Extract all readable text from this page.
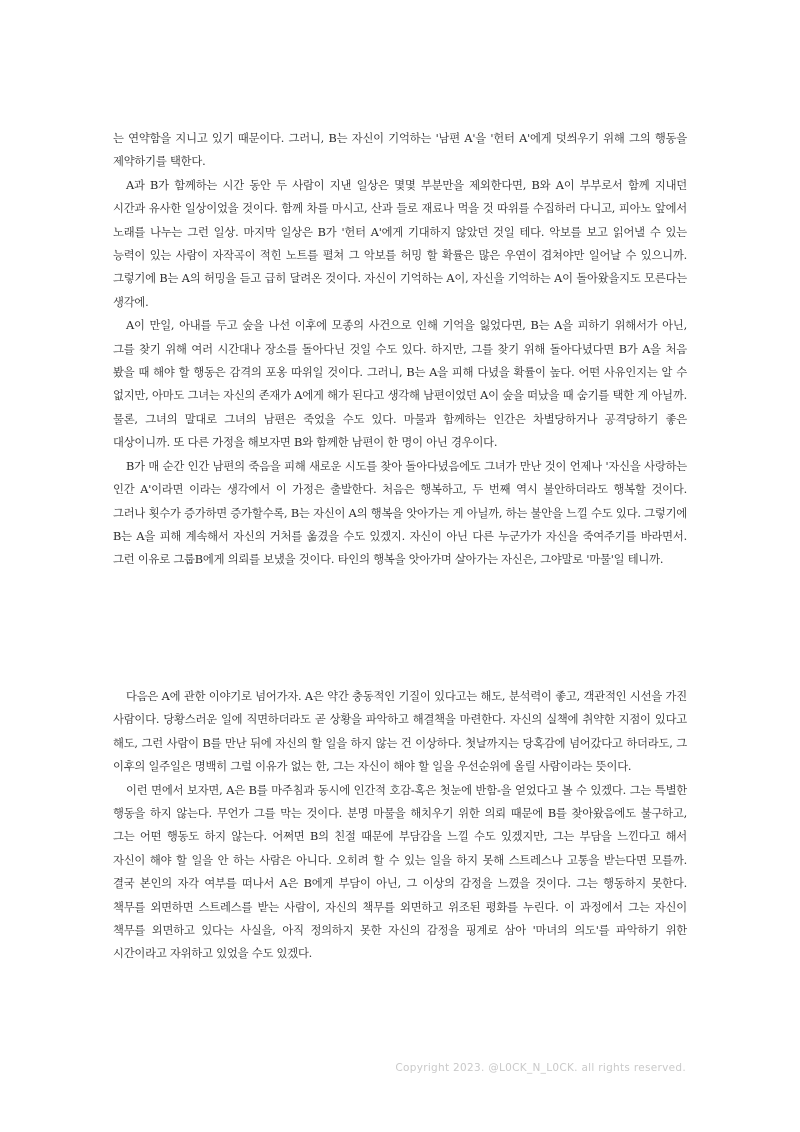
는 연약함을 지니고 있기 때문이다. 그러니, B는 자신이 기억하는 '남편 A'을 '헌터 A'에게 덧씌우기 위해 그의 행동을 제약하기를 택한다.

A과 B가 함께하는 시간 동안 두 사람이 지낸 일상은 몇몇 부분만을 제외한다면, B와 A이 부부로서 함께 지내던 시간과 유사한 일상이었을 것이다. 함께 차를 마시고, 산과 들로 재료나 먹을 것 따위를 수집하러 다니고, 피아노 앞에서 노래를 나누는 그런 일상. 마지막 일상은 B가 '헌터 A'에게 기대하지 않았던 것일 테다. 악보를 보고 읽어낼 수 있는 능력이 있는 사람이 자작곡이 적힌 노트를 펼쳐 그 악보를 허밍 할 확률은 많은 우연이 겹쳐야만 일어날 수 있으니까. 그렇기에 B는 A의 허밍을 듣고 급히 달려온 것이다. 자신이 기억하는 A이, 자신을 기억하는 A이 돌아왔을지도 모른다는 생각에.

A이 만일, 아내를 두고 숲을 나선 이후에 모종의 사건으로 인해 기억을 잃었다면, B는 A을 피하기 위해서가 아닌, 그를 찾기 위해 여러 시간대나 장소를 돌아다닌 것일 수도 있다. 하지만, 그를 찾기 위해 돌아다녔다면 B가 A을 처음 봤을 때 해야 할 행동은 감격의 포옹 따위일 것이다. 그러니, B는 A을 피해 다녔을 확률이 높다. 어떤 사유인지는 알 수 없지만, 아마도 그녀는 자신의 존재가 A에게 해가 된다고 생각해 남편이었던 A이 숲을 떠났을 때 숨기를 택한 게 아닐까. 물론, 그녀의 말대로 그녀의 남편은 죽었을 수도 있다. 마물과 함께하는 인간은 차별당하거나 공격당하기 좋은 대상이니까. 또 다른 가정을 해보자면 B와 함께한 남편이 한 명이 아닌 경우이다.

B가 매 순간 인간 남편의 죽음을 피해 새로운 시도를 찾아 돌아다녔음에도 그녀가 만난 것이 언제나 '자신을 사랑하는 인간 A'이라면 이라는 생각에서 이 가정은 출발한다. 처음은 행복하고, 두 번째 역시 불안하더라도 행복할 것이다. 그러나 횟수가 증가하면 증가할수록, B는 자신이 A의 행복을 앗아가는 게 아닐까, 하는 불안을 느낄 수도 있다. 그렇기에 B는 A을 피해 계속해서 자신의 거처를 옮겼을 수도 있겠지. 자신이 아닌 다른 누군가가 자신을 죽여주기를 바라면서. 그런 이유로 그룹B에게 의뢰를 보냈을 것이다. 타인의 행복을 앗아가며 살아가는 자신은, 그야말로 '마물'일 테니까.

다음은 A에 관한 이야기로 넘어가자. A은 약간 충동적인 기질이 있다고는 해도, 분석력이 좋고, 객관적인 시선을 가진 사람이다. 당황스러운 일에 직면하더라도 곧 상황을 파악하고 해결책을 마련한다. 자신의 실책에 취약한 지점이 있다고 해도, 그런 사람이 B를 만난 뒤에 자신의 할 일을 하지 않는 건 이상하다. 첫날까지는 당혹감에 넘어갔다고 하더라도, 그 이후의 일주일은 명백히 그럴 이유가 없는 한, 그는 자신이 해야 할 일을 우선순위에 올릴 사람이라는 뜻이다.

이런 면에서 보자면, A은 B를 마주침과 동시에 인간적 호감-혹은 첫눈에 반함-을 얻었다고 볼 수 있겠다. 그는 특별한 행동을 하지 않는다. 무언가 그를 막는 것이다. 분명 마물을 해치우기 위한 의뢰 때문에 B를 찾아왔음에도 불구하고, 그는 어떤 행동도 하지 않는다. 어쩌면 B의 친절 때문에 부담감을 느낄 수도 있겠지만, 그는 부담을 느낀다고 해서 자신이 해야 할 일을 안 하는 사람은 아니다. 오히려 할 수 있는 일을 하지 못해 스트레스나 고통을 받는다면 모를까. 결국 본인의 자각 여부를 떠나서 A은 B에게 부담이 아닌, 그 이상의 감정을 느꼈을 것이다. 그는 행동하지 못한다. 책무를 외면하면 스트레스를 받는 사람이, 자신의 책무를 외면하고 위조된 평화를 누린다. 이 과정에서 그는 자신이 책무를 외면하고 있다는 사실을, 아직 정의하지 못한 자신의 감정을 핑계로 삼아 '마녀의 의도'를 파악하기 위한 시간이라고 자위하고 있었을 수도 있겠다.

Copyright 2023. @L0CK_N_L0CK. all rights reserved.
